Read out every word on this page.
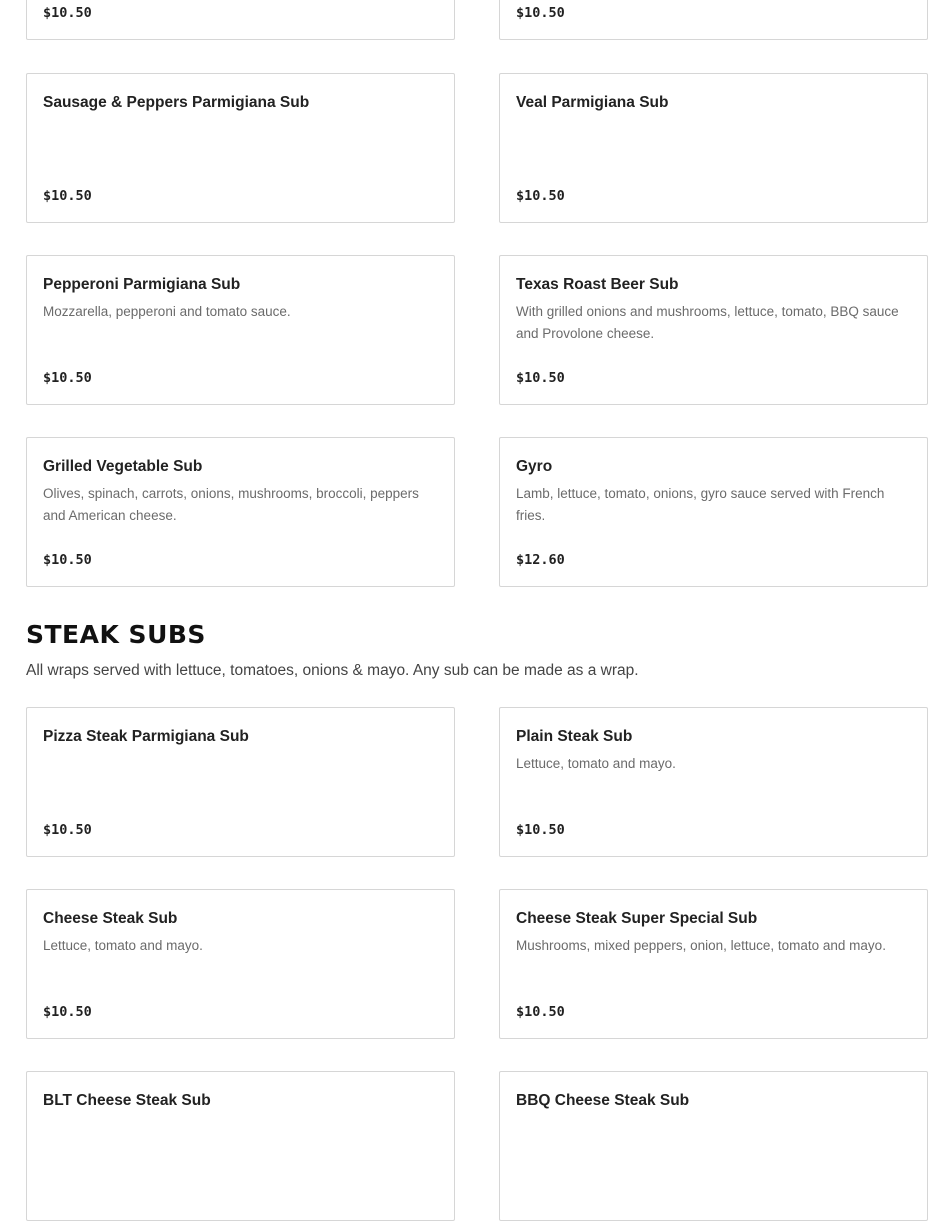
$10.50	$10.50
Sausage & Peppers Parmigiana Sub
$10.50
Veal Parmigiana Sub
$10.50
Pepperoni Parmigiana Sub
Mozzarella, pepperoni and tomato sauce.
$10.50
Texas Roast Beer Sub
With grilled onions and mushrooms, lettuce, tomato, BBQ sauce and Provolone cheese.
$10.50
Grilled Vegetable Sub
Olives, spinach, carrots, onions, mushrooms, broccoli, peppers and American cheese.
$10.50
Gyro
Lamb, lettuce, tomato, onions, gyro sauce served with French fries.
$12.60
STEAK SUBS

All wraps served with lettuce, tomatoes, onions & mayo. Any sub can be made as a wrap.

Pizza Steak Parmigiana Sub
$10.50
Plain Steak Sub
Lettuce, tomato and mayo.
$10.50
Cheese Steak Sub
Lettuce, tomato and mayo.
$10.50
Cheese Steak Super Special Sub
Mushrooms, mixed peppers, onion, lettuce, tomato and mayo.
$10.50
BLT Cheese Steak Sub	BBQ Cheese Steak Sub
